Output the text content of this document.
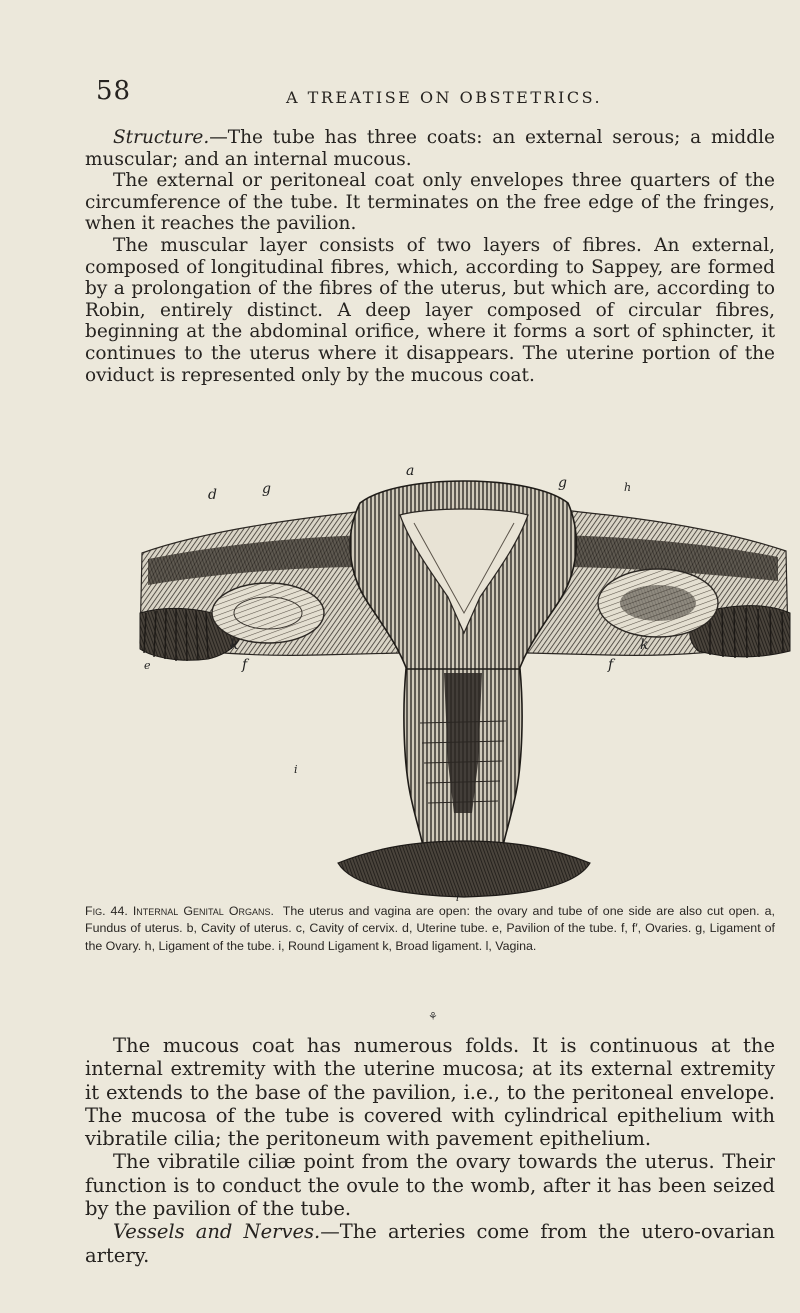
58	A TREATISE ON OBSTETRICS.

Structure.—The tube has three coats: an external serous; a middle muscular; and an internal mucous.

The external or peritoneal coat only envelopes three quarters of the circumference of the tube. It terminates on the free edge of the fringes, when it reaches the pavilion.

The muscular layer consists of two layers of fibres. An external, composed of longitudinal fibres, which, according to Sappey, are formed by a prolongation of the fibres of the uterus, but which are, according to Robin, entirely distinct. A deep layer composed of circular fibres, beginning at the abdominal orifice, where it forms a sort of sphincter, it continues to the uterus where it disappears. The uterine portion of the oviduct is represented only by the mucous coat.

a
d	g	g	h
k	k
e	f	f
i
l
Fig. 44. Internal Genital Organs. The uterus and vagina are open: the ovary and tube of one side are also cut open. a, Fundus of uterus. b, Cavity of uterus. c, Cavity of cervix. d, Uterine tube. e, Pavilion of the tube. f, f′, Ovaries. g, Ligament of the Ovary. h, Ligament of the tube. i, Round Ligament k, Broad ligament. l, Vagina.
⚘

The mucous coat has numerous folds. It is continuous at the internal extremity with the uterine mucosa; at its external extremity it extends to the base of the pavilion, i.e., to the peritoneal envelope. The mucosa of the tube is covered with cylindrical epithelium with vibratile cilia; the peritoneum with pavement epithelium.

The vibratile ciliæ point from the ovary towards the uterus. Their function is to conduct the ovule to the womb, after it has been seized by the pavilion of the tube.

Vessels and Nerves.—The arteries come from the utero-ovarian artery.
